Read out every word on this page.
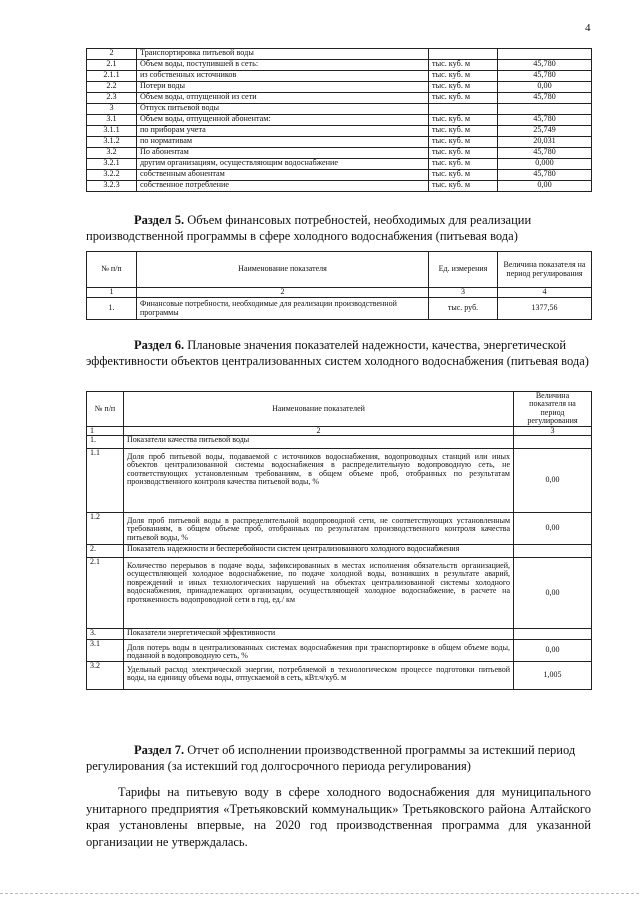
4
2	Транспортировка питьевой воды		
2.1	Объем воды, поступившей в сеть:	тыс. куб. м	45,780
2.1.1	из собственных источников	тыс. куб. м	45,780
2.2	Потери воды	тыс. куб. м	0,00
2.3	Объем воды, отпущенной из сети	тыс. куб. м	45,780
3	Отпуск питьевой воды		
3.1	Объем воды, отпущенной абонентам:	тыс. куб. м	45,780
3.1.1	по приборам учета	тыс. куб. м	25,749
3.1.2	по нормативам	тыс. куб. м	20,031
3.2	По абонентам	тыс. куб. м	45,780
3.2.1	другим организациям, осуществляющим водоснабжение	тыс. куб. м	0,000
3.2.2	собственным абонентам	тыс. куб. м	45,780
3.2.3	собственное потребление	тыс. куб. м	0,00

Раздел 5. Объем финансовых потребностей, необходимых для реализации производственной программы в сфере холодного водоснабжения (питьевая вода)

№ п/п	Наименование показателя	Ед. измерения	Величина показателя на период регулирования
1	2	3	4
1.	Финансовые потребности, необходимые для реализации производственной программы	тыс. руб.	1377,56

Раздел 6. Плановые значения показателей надежности, качества, энергетической эффективности объектов централизованных систем холодного водоснабжения (питьевая вода)

№ п/п	Наименование показателей	Величина показателя на период регулирования
1	2	3
1.	Показатели качества питьевой воды	
1.1	Доля проб питьевой воды, подаваемой с источников водоснабжения, водопроводных станций или иных объектов централизованной системы водоснабжения в распределительную водопроводную сеть, не соответствующих установленным требованиям, в общем объеме проб, отобранных по результатам производственного контроля качества питьевой воды, %	0,00
1.2	Доля проб питьевой воды в распределительной водопроводной сети, не соответствующих установленным требованиям, в общем объеме проб, отобранных по результатам производственного контроля качества питьевой воды, %	0,00
2.	Показатель надежности и бесперебойности систем централизованного холодного водоснабжения	
2.1	Количество перерывов в подаче воды, зафиксированных в местах исполнения обязательств организацией, осуществляющей холодное водоснабжение, по подаче холодной воды, возникших в результате аварий, повреждений и иных технологических нарушений на объектах централизованной системы холодного водоснабжения, принадлежащих организации, осуществляющей холодное водоснабжение, в расчете на протяженность водопроводной сети в год, ед./ км	0,00
3.	Показатели энергетической эффективности	
3.1	Доля потерь воды в централизованных системах водоснабжения при транспортировке в общем объеме воды, поданной в водопроводную сеть, %	0,00
3.2	Удельный расход электрической энергии, потребляемой в технологическом процессе подготовки питьевой воды, на единицу объема воды, отпускаемой в сеть, кВт.ч/куб. м	1,005

Раздел 7. Отчет об исполнении производственной программы за истекший период регулирования (за истекший год долгосрочного периода регулирования)

Тарифы на питьевую воду в сфере холодного водоснабжения для муниципального унитарного предприятия «Третьяковский коммунальщик» Третьяковского района Алтайского края установлены впервые, на 2020 год производственная программа для указанной организации не утверждалась.
